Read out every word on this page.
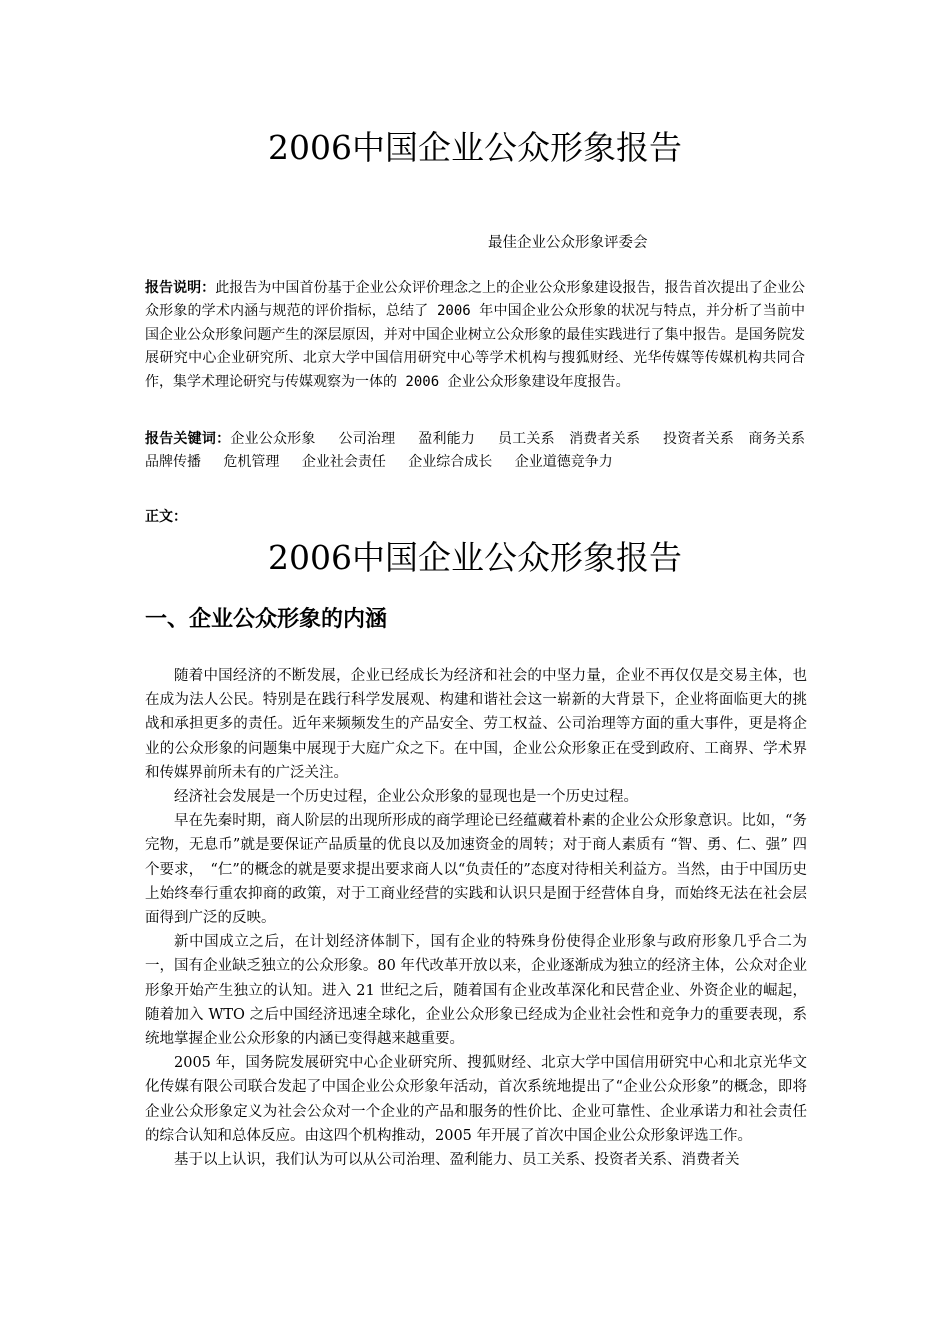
2006中国企业公众形象报告
最佳企业公众形象评委会
报告说明：此报告为中国首份基于企业公众评价理念之上的企业公众形象建设报告，报告首次提出了企业公众形象的学术内涵与规范的评价指标，总结了 2006 年中国企业公众形象的状况与特点，并分析了当前中国企业公众形象问题产生的深层原因，并对中国企业树立公众形象的最佳实践进行了集中报告。是国务院发展研究中心企业研究所、北京大学中国信用研究中心等学术机构与搜狐财经、光华传媒等传媒机构共同合作，集学术理论研究与传媒观察为一体的 2006 企业公众形象建设年度报告。
报告关键词：企业公众形象　 公司治理　 盈利能力　 员工关系　消费者关系　 投资者关系　商务关系　 品牌传播　 危机管理　 企业社会责任　 企业综合成长　 企业道德竞争力
正文：
2006中国企业公众形象报告
一、企业公众形象的内涵

随着中国经济的不断发展，企业已经成长为经济和社会的中坚力量，企业不再仅仅是交易主体，也在成为法人公民。特别是在践行科学发展观、构建和谐社会这一崭新的大背景下，企业将面临更大的挑战和承担更多的责任。近年来频频发生的产品安全、劳工权益、公司治理等方面的重大事件，更是将企业的公众形象的问题集中展现于大庭广众之下。在中国，企业公众形象正在受到政府、工商界、学术界和传媒界前所未有的广泛关注。

经济社会发展是一个历史过程，企业公众形象的显现也是一个历史过程。

早在先秦时期，商人阶层的出现所形成的商学理论已经蕴藏着朴素的企业公众形象意识。比如，“务完物，无息币”就是要保证产品质量的优良以及加速资金的周转；对于商人素质有 “智、勇、仁、强” 四个要求，　“仁”的概念的就是要求提出要求商人以“负责任的”态度对待相关利益方。当然，由于中国历史上始终奉行重农抑商的政策，对于工商业经营的实践和认识只是囿于经营体自身，而始终无法在社会层面得到广泛的反映。

新中国成立之后，在计划经济体制下，国有企业的特殊身份使得企业形象与政府形象几乎合二为一，国有企业缺乏独立的公众形象。80 年代改革开放以来，企业逐渐成为独立的经济主体，公众对企业形象开始产生独立的认知。进入 21 世纪之后，随着国有企业改革深化和民营企业、外资企业的崛起，随着加入 WTO 之后中国经济迅速全球化，企业公众形象已经成为企业社会性和竞争力的重要表现，系统地掌握企业公众形象的内涵已变得越来越重要。

2005 年，国务院发展研究中心企业研究所、搜狐财经、北京大学中国信用研究中心和北京光华文化传媒有限公司联合发起了中国企业公众形象年活动，首次系统地提出了“企业公众形象”的概念，即将企业公众形象定义为社会公众对一个企业的产品和服务的性价比、企业可靠性、企业承诺力和社会责任的综合认知和总体反应。由这四个机构推动，2005 年开展了首次中国企业公众形象评选工作。

基于以上认识，我们认为可以从公司治理、盈利能力、员工关系、投资者关系、消费者关
